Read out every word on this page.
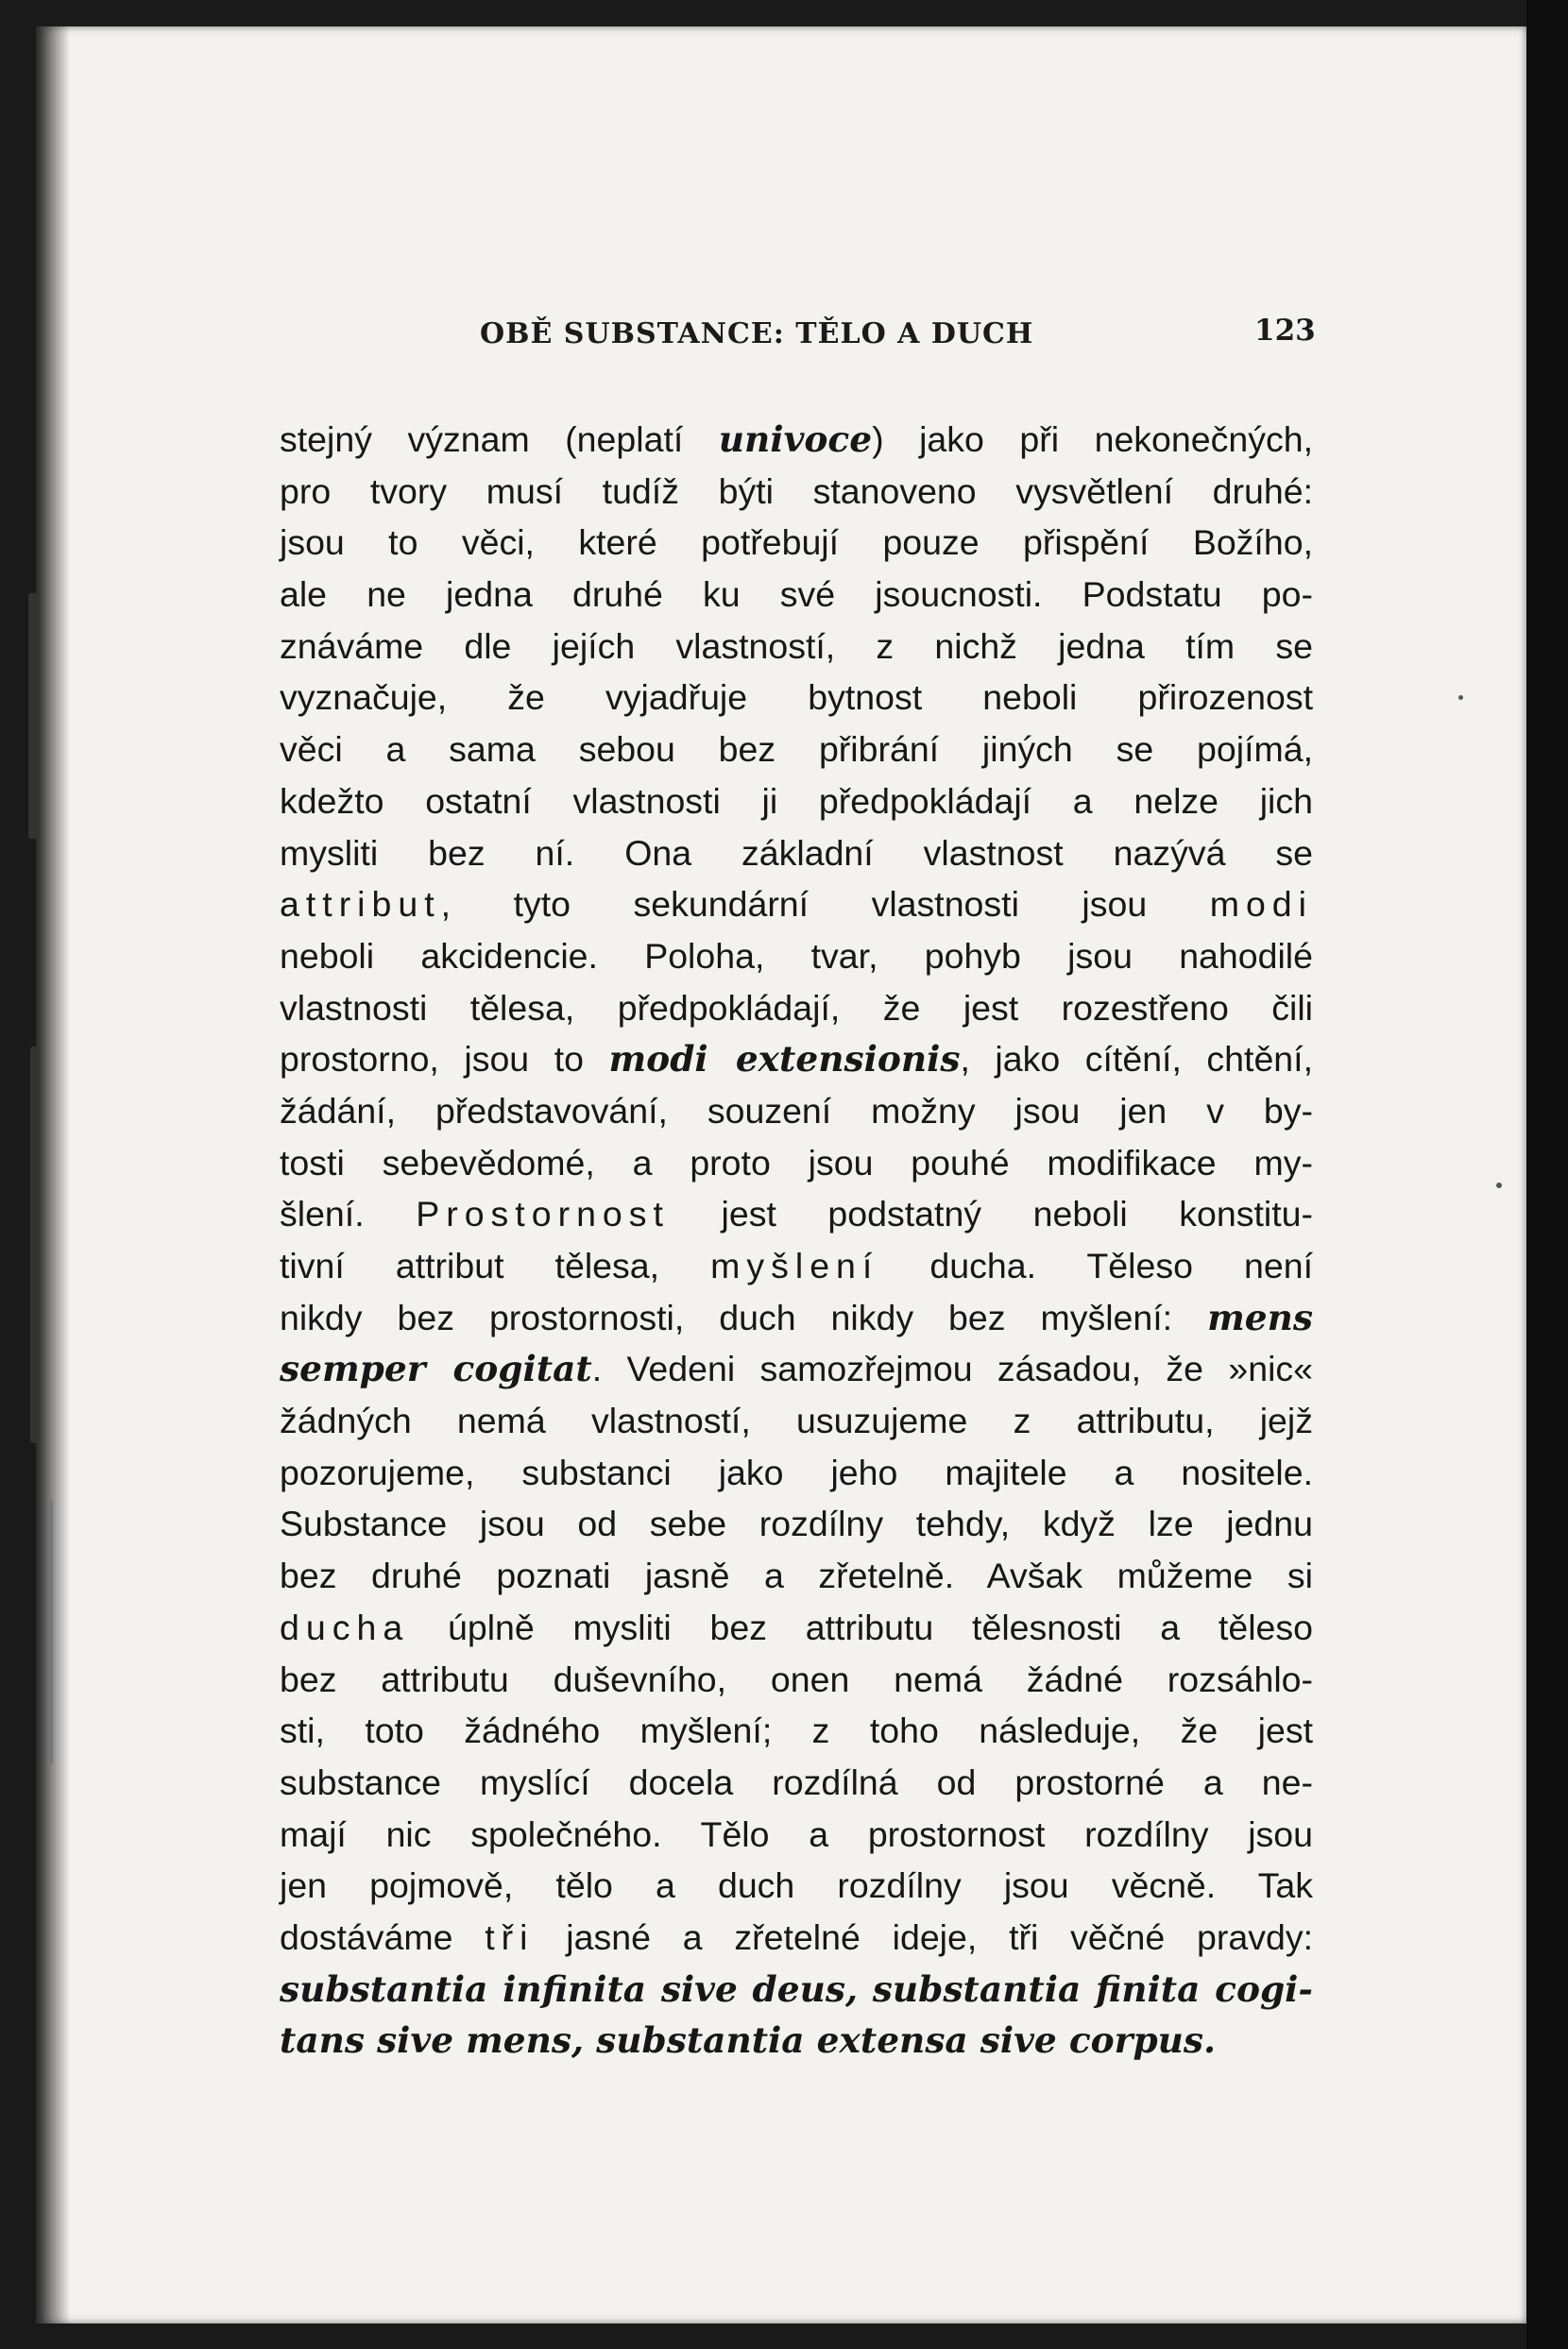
OBĚ SUBSTANCE: TĚLO A DUCH	123
stejný význam (neplatí univoce) jako při nekonečných,
pro tvory musí tudíž býti stanoveno vysvětlení druhé:
jsou to věci, které potřebují pouze přispění Božího,
ale ne jedna druhé ku své jsoucnosti. Podstatu po-
znáváme dle jejích vlastností, z nichž jedna tím se
vyznačuje, že vyjadřuje bytnost neboli přirozenost
věci a sama sebou bez přibrání jiných se pojímá,
kdežto ostatní vlastnosti ji předpokládají a nelze jich
mysliti bez ní. Ona základní vlastnost nazývá se
attribut, tyto sekundární vlastnosti jsou modi
neboli akcidencie. Poloha, tvar, pohyb jsou nahodilé
vlastnosti tělesa, předpokládají, že jest rozestřeno čili
prostorno, jsou to modi extensionis, jako cítění, chtění,
žádání, představování, souzení možny jsou jen v by-
tosti sebevědomé, a proto jsou pouhé modifikace my-
šlení. Prostornost jest podstatný neboli konstitu-
tivní attribut tělesa, myšlení ducha. Těleso není
nikdy bez prostornosti, duch nikdy bez myšlení: mens
semper cogitat. Vedeni samozřejmou zásadou, že »nic«
žádných nemá vlastností, usuzujeme z attributu, jejž
pozorujeme, substanci jako jeho majitele a nositele.
Substance jsou od sebe rozdílny tehdy, když lze jednu
bez druhé poznati jasně a zřetelně. Avšak můžeme si
ducha úplně mysliti bez attributu tělesnosti a těleso
bez attributu duševního, onen nemá žádné rozsáhlo-
sti, toto žádného myšlení; z toho následuje, že jest
substance myslící docela rozdílná od prostorné a ne-
mají nic společného. Tělo a prostornost rozdílny jsou
jen pojmově, tělo a duch rozdílny jsou věcně. Tak
dostáváme tři jasné a zřetelné ideje, tři věčné pravdy:
substantia infinita sive deus, substantia finita cogi-
tans sive mens, substantia extensa sive corpus.
